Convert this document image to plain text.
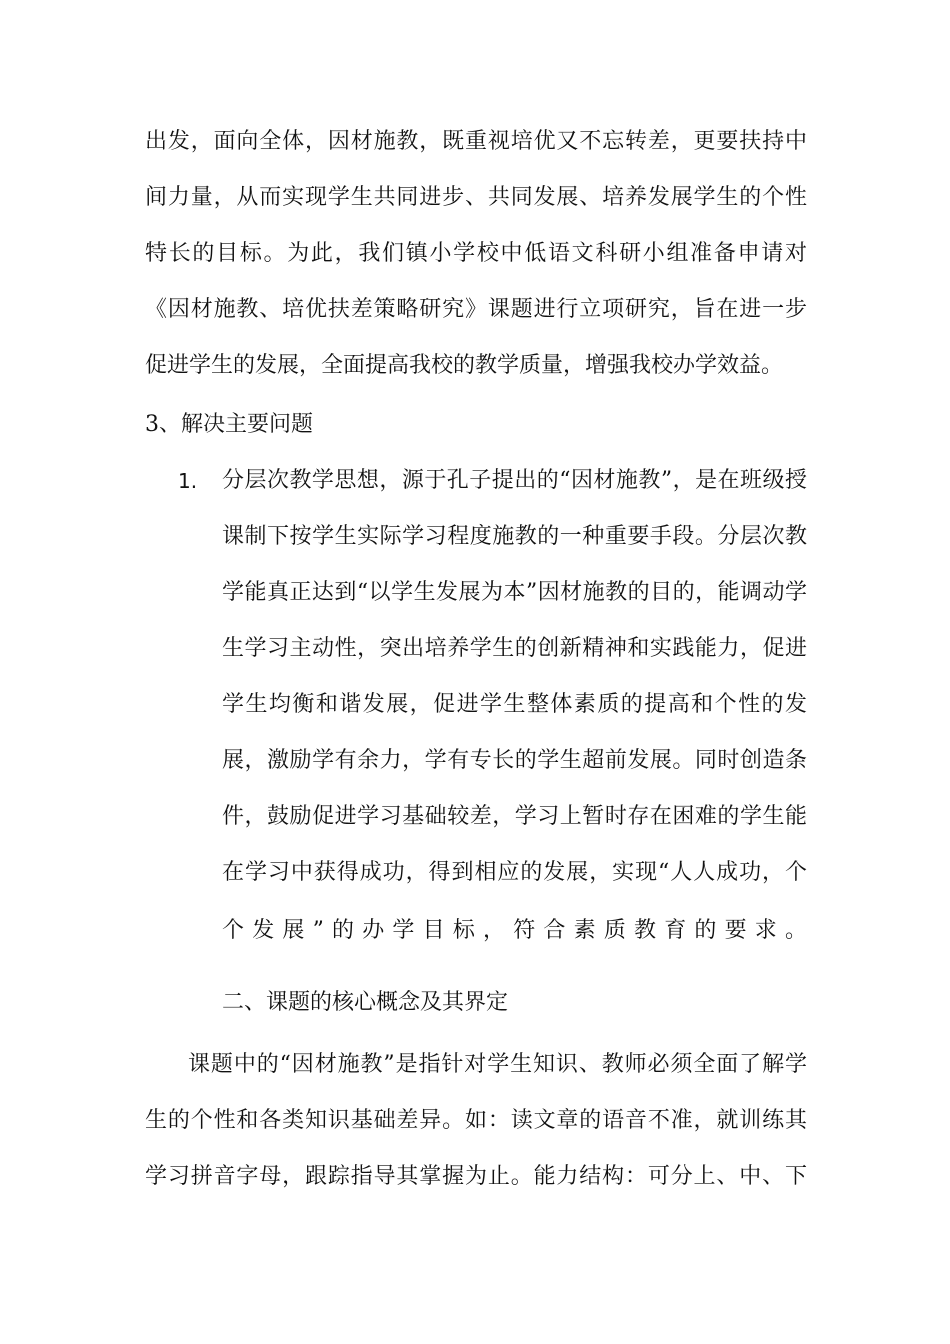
出发，面向全体，因材施教，既重视培优又不忘转差，更要扶持中
间力量，从而实现学生共同进步、共同发展、培养发展学生的个性
特长的目标。为此，我们镇小学校中低语文科研小组准备申请对
《因材施教、培优扶差策略研究》课题进行立项研究，旨在进一步
促进学生的发展，全面提高我校的教学质量，增强我校办学效益。
3、解决主要问题
1. 分层次教学思想，源于孔子提出的“因材施教”，是在班级授
课制下按学生实际学习程度施教的一种重要手段。分层次教
学能真正达到“以学生发展为本”因材施教的目的，能调动学
生学习主动性，突出培养学生的创新精神和实践能力，促进
学生均衡和谐发展，促进学生整体素质的提高和个性的发
展，激励学有余力，学有专长的学生超前发展。同时创造条
件，鼓励促进学习基础较差，学习上暂时存在困难的学生能
在学习中获得成功，得到相应的发展，实现“人人成功，个
个发展”的办学目标，符合素质教育的要求。
二、课题的核心概念及其界定
课题中的“因材施教”是指针对学生知识、教师必须全面了解学
生的个性和各类知识基础差异。如：读文章的语音不准，就训练其
学习拼音字母，跟踪指导其掌握为止。能力结构：可分上、中、下
